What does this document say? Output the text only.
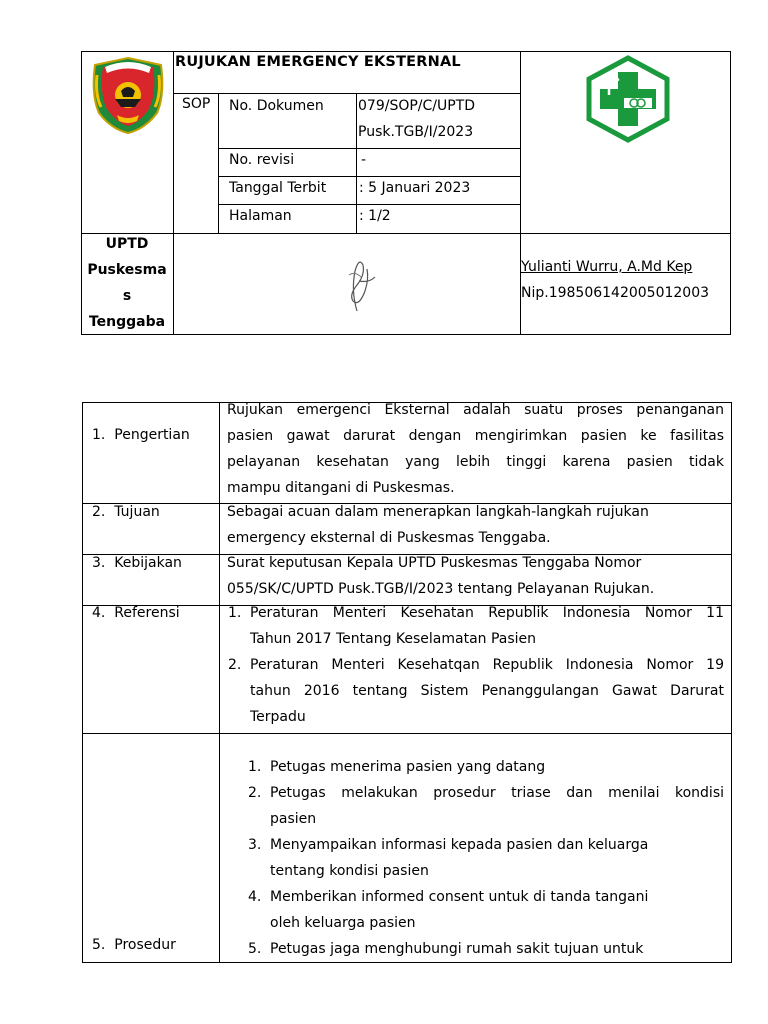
RUJUKAN EMERGENCY EKSTERNAL
SOP No. Dokumen 079/SOP/C/UPTD
Pusk.TGB/I/2023
No. revisi	-
Tanggal Terbit : 5 Januari 2023
Halaman	: 1/2
UPTD
Puskesma
s
Tenggaba
Yulianti Wurru, A.Md Kep
Nip.198506142005012003
1.  Pengertian
Rujukan emergenci Eksternal adalah suatu proses penanganan
pasien gawat darurat dengan mengirimkan pasien ke fasilitas
pelayanan kesehatan yang lebih tinggi karena pasien tidak
mampu ditangani di Puskesmas.
2.  Tujuan	Sebagai acuan dalam menerapkan langkah-langkah rujukan
emergency eksternal di Puskesmas Tenggaba.
3.  Kebijakan	Surat keputusan Kepala UPTD Puskesmas Tenggaba Nomor
055/SK/C/UPTD Pusk.TGB/I/2023 tentang Pelayanan Rujukan.
4.  Referensi	1. Peraturan Menteri Kesehatan Republik Indonesia Nomor 11
Tahun 2017 Tentang Keselamatan Pasien
2. Peraturan Menteri Kesehatqan Republik Indonesia Nomor 19
tahun 2016 tentang Sistem Penanggulangan Gawat Darurat
Terpadu
5.  Prosedur
1. Petugas menerima pasien yang datang
2. Petugas melakukan prosedur triase dan menilai kondisi
pasien
3. Menyampaikan informasi kepada pasien dan keluarga
tentang kondisi pasien
4. Memberikan informed consent untuk di tanda tangani
oleh keluarga pasien
5. Petugas jaga menghubungi rumah sakit tujuan untuk
